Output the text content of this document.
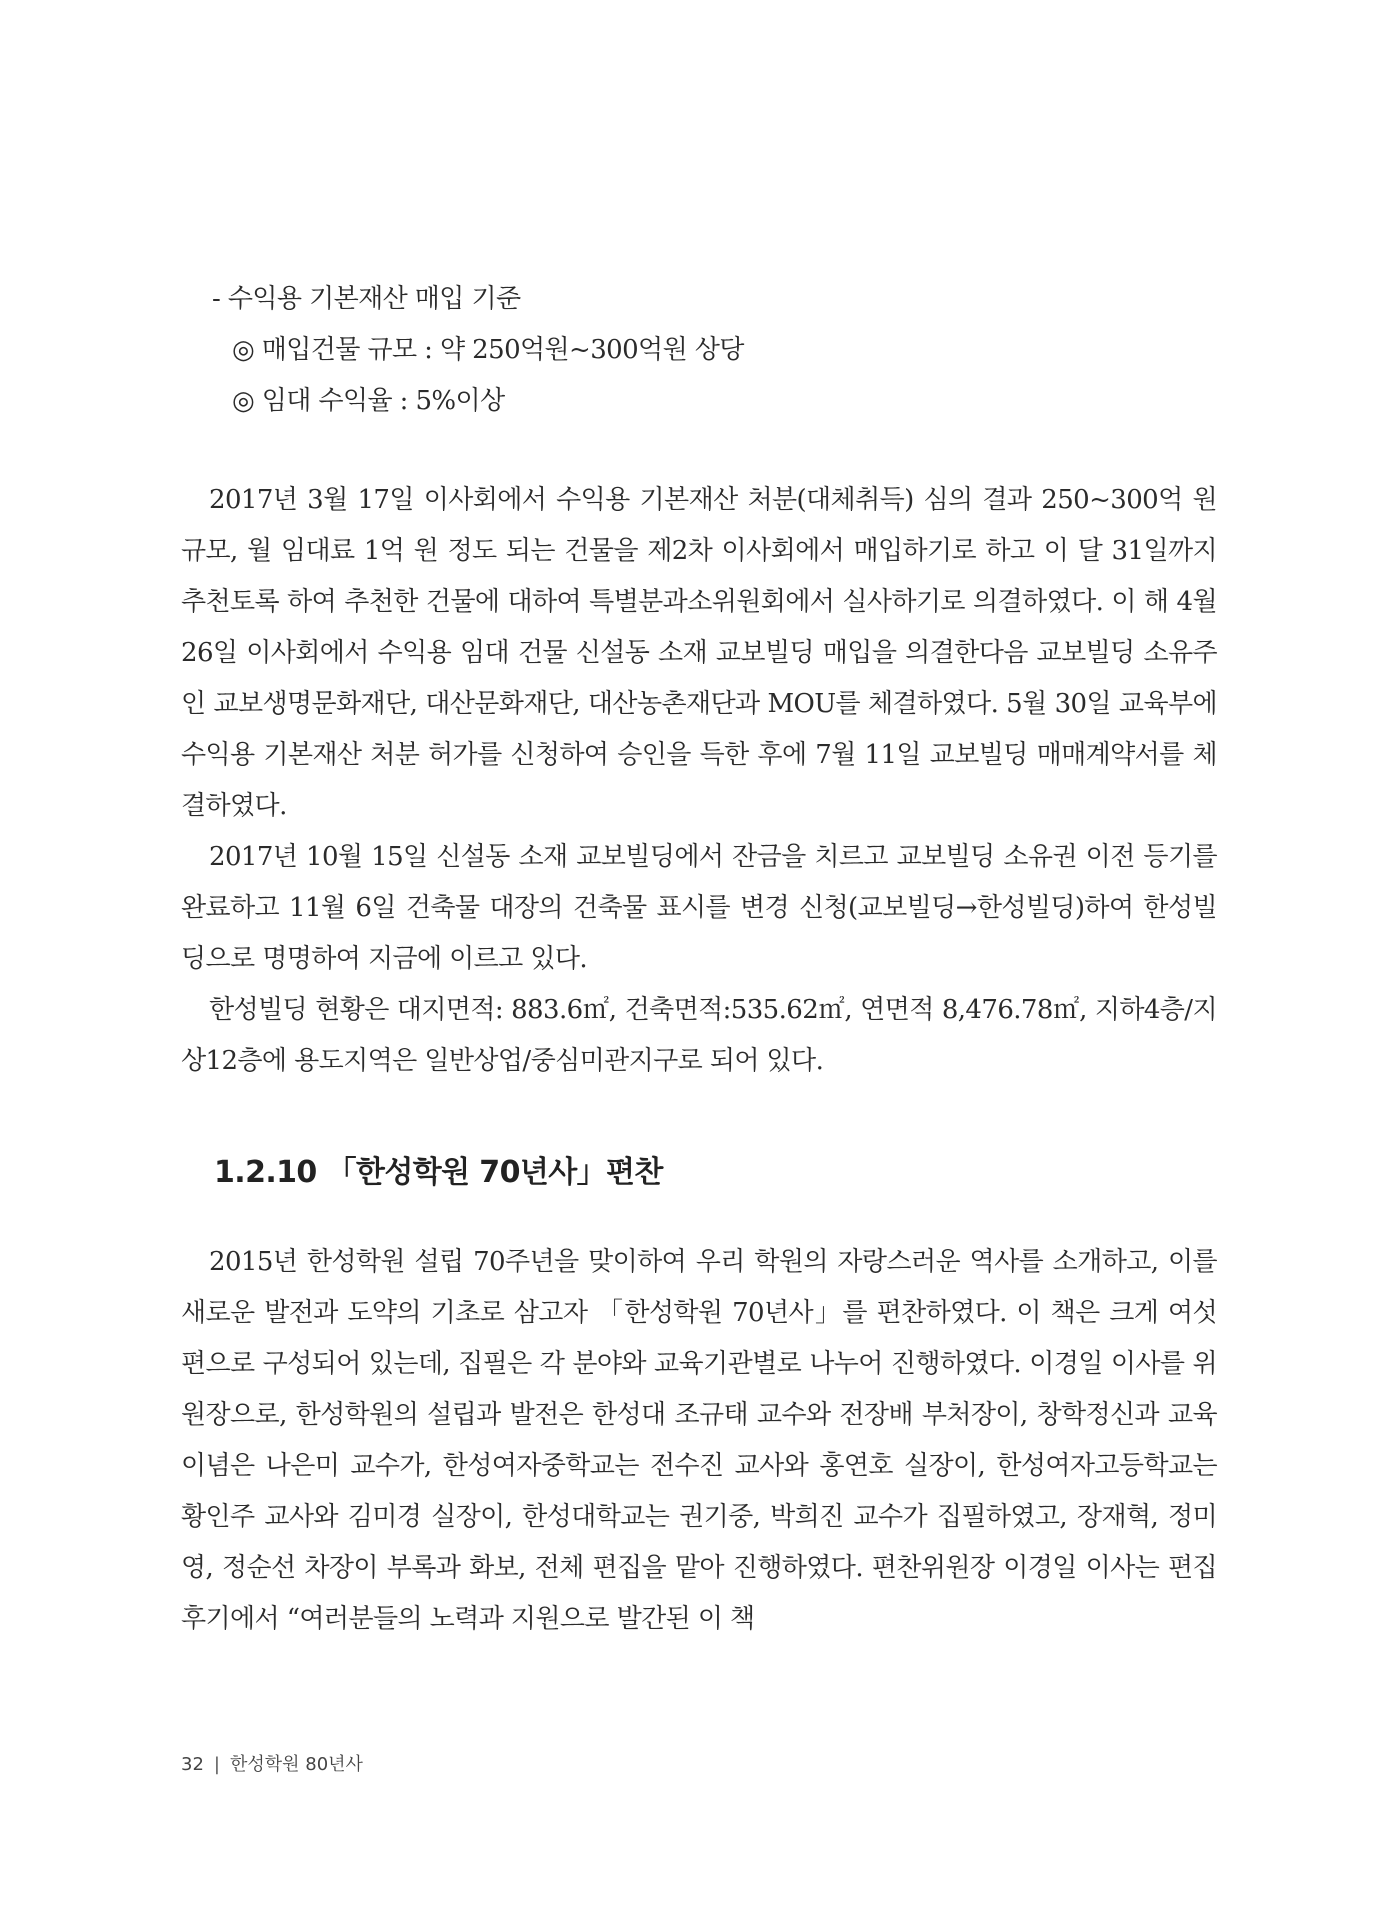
- 수익용 기본재산 매입 기준

◎ 매입건물 규모 : 약 250억원~300억원 상당

◎ 임대 수익율 : 5%이상

2017년 3월 17일 이사회에서 수익용 기본재산 처분(대체취득) 심의 결과 250~300억 원 규모, 월 임대료 1억 원 정도 되는 건물을 제2차 이사회에서 매입하기로 하고 이 달 31일까지 추천토록 하여 추천한 건물에 대하여 특별분과소위원회에서 실사하기로 의결하였다. 이 해 4월 26일 이사회에서 수익용 임대 건물 신설동 소재 교보빌딩 매입을 의결한다음 교보빌딩 소유주인 교보생명문화재단, 대산문화재단, 대산농촌재단과 MOU를 체결하였다. 5월 30일 교육부에 수익용 기본재산 처분 허가를 신청하여 승인을 득한 후에 7월 11일 교보빌딩 매매계약서를 체결하였다.

2017년 10월 15일 신설동 소재 교보빌딩에서 잔금을 치르고 교보빌딩 소유권 이전 등기를 완료하고 11월 6일 건축물 대장의 건축물 표시를 변경 신청(교보빌딩→한성빌딩)하여 한성빌딩으로 명명하여 지금에 이르고 있다.

한성빌딩 현황은 대지면적: 883.6㎡, 건축면적:535.62㎡, 연면적 8,476.78㎡, 지하4층/지상12층에 용도지역은 일반상업/중심미관지구로 되어 있다.

1.2.10 「한성학원 70년사」편찬

2015년 한성학원 설립 70주년을 맞이하여 우리 학원의 자랑스러운 역사를 소개하고, 이를 새로운 발전과 도약의 기초로 삼고자 「한성학원 70년사」를 편찬하였다. 이 책은 크게 여섯 편으로 구성되어 있는데, 집필은 각 분야와 교육기관별로 나누어 진행하였다. 이경일 이사를 위원장으로, 한성학원의 설립과 발전은 한성대 조규태 교수와 전장배 부처장이, 창학정신과 교육이념은 나은미 교수가, 한성여자중학교는 전수진 교사와 홍연호 실장이, 한성여자고등학교는 황인주 교사와 김미경 실장이, 한성대학교는 권기중, 박희진 교수가 집필하였고, 장재혁, 정미영, 정순선 차장이 부록과 화보, 전체 편집을 맡아 진행하였다. 편찬위원장 이경일 이사는 편집후기에서 “여러분들의 노력과 지원으로 발간된 이 책

32 | 한성학원 80년사
